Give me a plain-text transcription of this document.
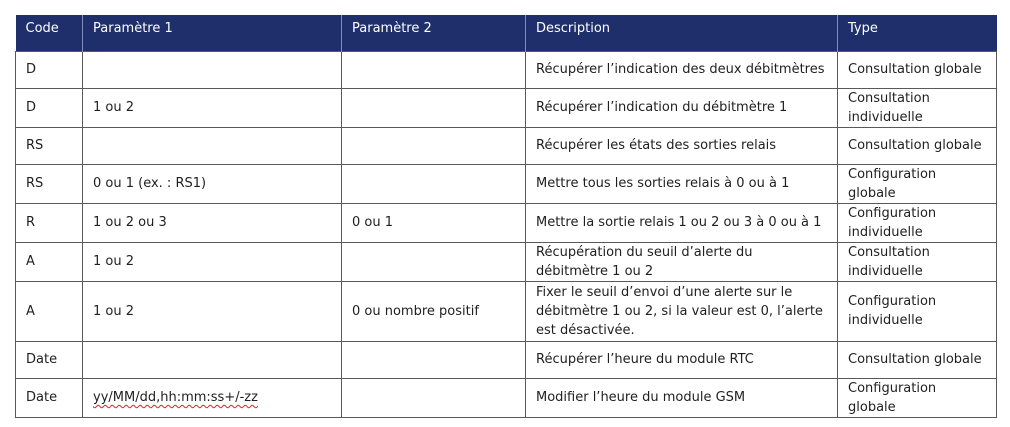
Code	Paramètre 1	Paramètre 2	Description	Type
D			Récupérer l’indication des deux débitmètres	Consultation globale
D	1 ou 2		Récupérer l’indication du débitmètre 1	Consultation individuelle
RS			Récupérer les états des sorties relais	Consultation globale
RS	0 ou 1 (ex. : RS1)		Mettre tous les sorties relais à 0 ou à 1	Configuration globale
R	1 ou 2 ou 3	0 ou 1	Mettre la sortie relais 1 ou 2 ou 3 à 0 ou à 1	Configuration individuelle
A	1 ou 2		Récupération du seuil d’alerte du débitmètre 1 ou 2	Consultation individuelle
A	1 ou 2	0 ou nombre positif	Fixer le seuil d’envoi d’une alerte sur le débitmètre 1 ou 2, si la valeur est 0, l’alerte est désactivée.	Configuration individuelle
Date			Récupérer l’heure du module RTC	Consultation globale
Date	yy/MM/dd,hh:mm:ss+/-zz		Modifier l’heure du module GSM	Configuration globale
